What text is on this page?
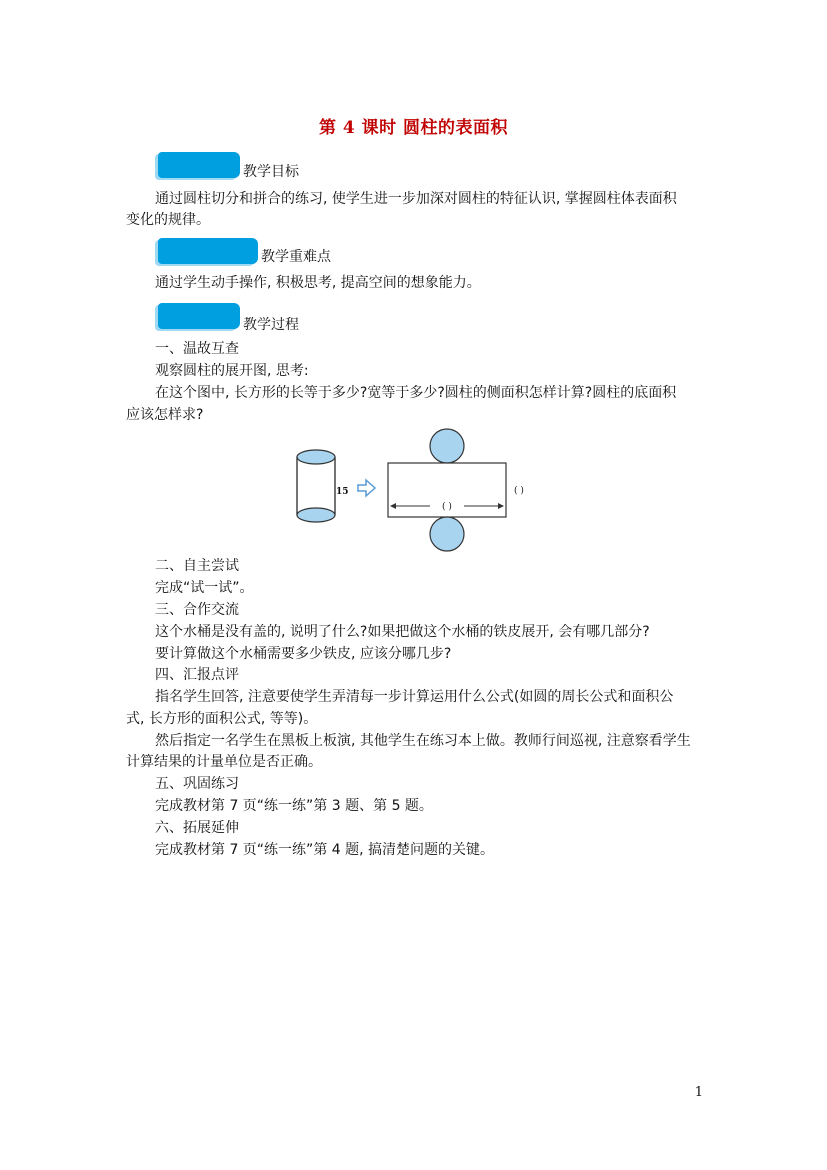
第 4 课时 圆柱的表面积
教学目标
通过圆柱切分和拼合的练习, 使学生进一步加深对圆柱的特征认识, 掌握圆柱体表面积
变化的规律。
教学重难点
通过学生动手操作, 积极思考, 提高空间的想象能力。
教学过程
一、温故互查
观察圆柱的展开图, 思考:
在这个图中, 长方形的长等于多少?宽等于多少?圆柱的侧面积怎样计算?圆柱的底面积
应该怎样求?
15
( )
( )
二、自主尝试
完成“试一试”。
三、合作交流
这个水桶是没有盖的, 说明了什么?如果把做这个水桶的铁皮展开, 会有哪几部分?
要计算做这个水桶需要多少铁皮, 应该分哪几步?
四、汇报点评
指名学生回答, 注意要使学生弄清每一步计算运用什么公式(如圆的周长公式和面积公
式, 长方形的面积公式, 等等)。
然后指定一名学生在黑板上板演, 其他学生在练习本上做。教师行间巡视, 注意察看学生
计算结果的计量单位是否正确。
五、巩固练习
完成教材第 7 页“练一练”第 3 题、第 5 题。
六、拓展延伸
完成教材第 7 页“练一练”第 4 题, 搞清楚问题的关键。
1
